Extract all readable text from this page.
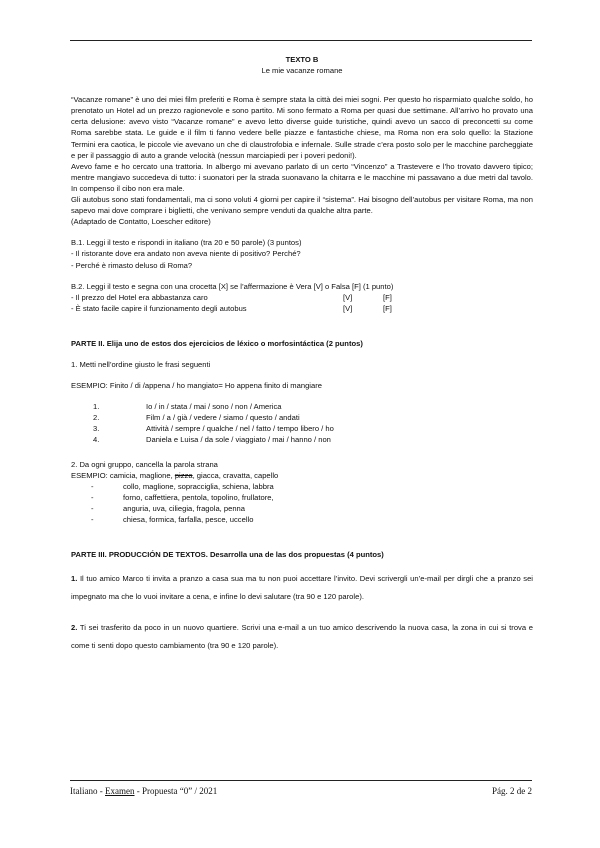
TEXTO B

Le mie vacanze romane

“Vacanze romane” è uno dei miei film preferiti e Roma è sempre stata la città dei miei sogni. Per questo ho risparmiato qualche soldo, ho prenotato un Hotel ad un prezzo ragionevole e sono partito. Mi sono fermato a Roma per quasi due settimane. All’arrivo ho provato una certa delusione: avevo visto “Vacanze romane” e avevo letto diverse guide turistiche, quindi avevo un sacco di preconcetti su come Roma sarebbe stata. Le guide e il film ti fanno vedere belle piazze e fantastiche chiese, ma Roma non era solo quello: la Stazione Termini era caotica, le piccole vie avevano un che di claustrofobia e infernale. Sulle strade c’era posto solo per le macchine parcheggiate e per il passaggio di auto a grande velocità (nessun marciapiedi per i poveri pedoni!).

Avevo fame e ho cercato una trattoria. In albergo mi avevano parlato di un certo “Vincenzo” a Trastevere e l’ho trovato davvero tipico; mentre mangiavo succedeva di tutto: i suonatori per la strada suonavano la chitarra e le macchine mi passavano a due metri dal tavolo. In compenso il cibo non era male.

Gli autobus sono stati fondamentali, ma ci sono voluti 4 giorni per capire il “sistema”. Hai bisogno dell’autobus per visitare Roma, ma non sapevo mai dove comprare i biglietti, che venivano sempre venduti da qualche altra parte.

(Adaptado de Contatto, Loescher editore)

B.1. Leggi il testo e rispondi in italiano (tra 20 e 50 parole) (3 puntos)

- Il ristorante dove era andato non aveva niente di positivo? Perché?

- Perché è rimasto deluso di Roma?

B.2. Leggi il testo e segna con una crocetta [X] se l’affermazione è Vera [V] o Falsa [F] (1 punto)

- Il prezzo del Hotel era abbastanza caro	[V]	[F]
- È stato facile capire il funzionamento degli autobus	[V]	[F]

PARTE II. Elija uno de estos dos ejercicios de léxico o morfosintáctica (2 puntos)

1. Metti nell’ordine giusto le frasi seguenti

ESEMPIO: Finito / di /appena / ho mangiato= Ho appena finito di mangiare

1.	Io / in / stata / mai / sono / non / America
2.	Film / a / già / vedere / siamo / questo / andati
3.	Attività / sempre / qualche / nel / fatto / tempo libero / ho
4.	Daniela e Luisa / da sole / viaggiato / mai / hanno / non

2. Da ogni gruppo, cancella la parola strana

ESEMPIO: camicia, maglione, pizza, giacca, cravatta, capello

-	collo, maglione, sopracciglia, schiena, labbra
-	forno, caffettiera, pentola, topolino, frullatore,
-	anguria, uva, ciliegia, fragola, penna
-	chiesa, formica, farfalla, pesce, uccello

PARTE III. PRODUCCIÓN DE TEXTOS. Desarrolla una de las dos propuestas (4 puntos)

1. Il tuo amico Marco ti invita a pranzo a casa sua ma tu non puoi accettare l’invito. Devi scrivergli un’e-mail per dirgli che a pranzo sei impegnato ma che lo vuoi invitare a cena, e infine lo devi salutare (tra 90 e 120 parole).

2. Ti sei trasferito da poco in un nuovo quartiere. Scrivi una e-mail a un tuo amico descrivendo la nuova casa, la zona in cui si trova e come ti senti dopo questo cambiamento (tra 90 e 120 parole).

Italiano - Examen - Propuesta “0” / 2021	Pág. 2 de 2
